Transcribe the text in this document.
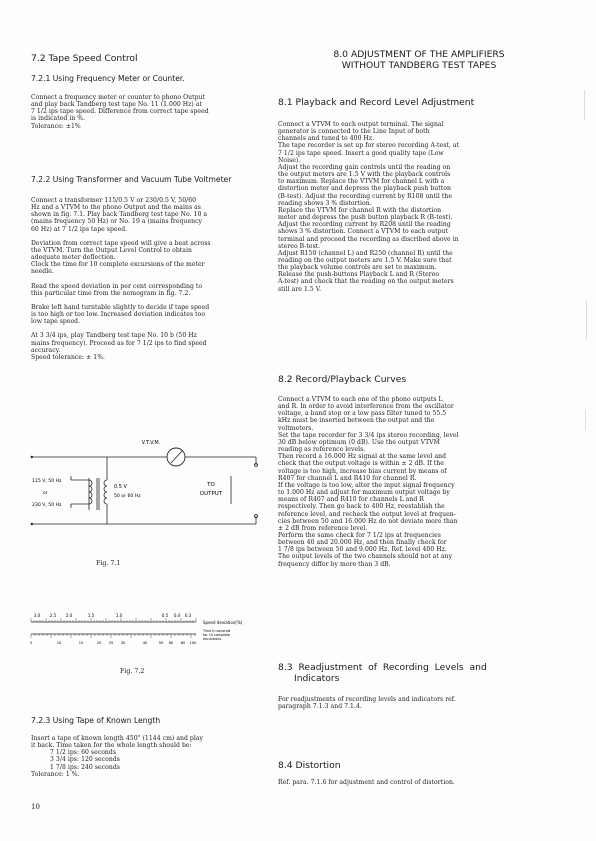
7.2 Tape Speed Control
7.2.1 Using Frequency Meter or Counter.
Connect a frequency meter or counter to phono Output
and play back Tandberg test tape No. 11 (1.000 Hz) at
7 1/2 ips tape speed. Difference from correct tape speed
is indicated in %.
Tolerance: ±1%
7.2.2 Using Transformer and Vacuum Tube Voltmeter
Connect a transformer 115/0.5 V or 230/0.5 V, 50/60
Hz and a VTVM to the phono Output and the mains as
shown in fig. 7.1. Play back Tandberg test tape No. 10 a
(mains frequency 50 Hz) or No. 19 a (mains frequency
60 Hz) at 7 1/2 ips tape speed.
Deviation from correct tape speed will give a beat across
the VTVM. Turn the Output Level Control to obtain
adequate meter deflection.
Clock the time for 10 complete excursions of the meter
needle.
Read the speed deviation in per cent corresponding to
this particular time from the nomogram in fig. 7.2.
Brake left hand turntable slightly to decide if tape speed
is too high or too low. Increased deviation indicates too
low tape speed.
At 3 3/4 ips, play Tandberg test tape No. 10 b (50 Hz
mains frequency). Proceed as for 7 1/2 ips to find speed
accuracy.
Speed tolerance: ± 1%.
V.T.V.M.
115 V, 50 Hz
or
230 V, 50 Hz
0.5 V
50 or 60 Hz
TO
OUTPUT
Fig. 7.1
3.0 2.5 2.0	1.5	1.0	0.5 0.4 0.3
5	10	15	20 25 30	40	50 60 80 100
Speed deviation[%]
Time in seconds
for 10 complete
excursions.
Fig. 7.2
7.2.3 Using Tape of Known Length
Insert a tape of known length 450" (1144 cm) and play
it back. Time taken for the whole length should be:
7 1/2 ips: 60 seconds
3 3/4 ips: 120 seconds
1 7/8 ips: 240 seconds
Tolerance: 1 %.
10
8.0 ADJUSTMENT OF THE AMPLIFIERS
WITHOUT TANDBERG TEST TAPES
8.1 Playback and Record Level Adjustment
Connect a VTVM to each output terminal. The signal
generator is connected to the Line Input of both
channels and tuned to 400 Hz.
The tape recorder is set up for stereo recording A-test, at
7 1/2 ips tape speed. Insert a good quality tape (Low
Noise).
Adjust the recording gain controls until the reading on
the output meters are 1.5 V with the playback controls
to maximum. Replace the VTVM for channel L with a
distortion meter and depress the playback push button
(B-test). Adjust the recording current by R108 until the
reading shows 3 % distortion.
Replace the VTVM for channel R with the distortion
meter and depress the push button playback R (B-test).
Adjust the recording current by R208 until the reading
shows 3 % distortion. Connect a VTVM to each output
terminal and proceed the recording as discribed above in
stereo B-test.
Adjust R150 (channel L) and R250 (channel R) until the
reading on the output meters are 1.5 V. Make sure that
the playback volume controls are set to maximum.
Release the push-buttons Playback L and R (Stereo
A-test) and check that the reading on the output meters
still are 1.5 V.
8.2 Record/Playback Curves
Connect a VTVM to each one of the phono outputs L
and R. In order to avoid interference from the oscillator
voltage, a band stop or a low pass filter tuned to 55.5
kHz must be inserted between the output and the
voltmeters.
Set the tape recorder for 3 3/4 ips stereo recording, level
30 dB below optimum (0 dB). Use the output VTVM
reading as reference levels.
Then record a 16.000 Hz signal at the same level and
check that the output voltage is within ± 2 dB. If the
voltage is too high, increase bias current by means of
R407 for channel L and R410 for channel R.
If the voltage is too low, alter the input signal frequency
to 1.000 Hz and adjust for maximum output voltage by
means of R407 and R410 for channels L and R
respectively. Then go back to 400 Hz, reestablish the
reference level, and recheck the output level at frequen-
cies between 50 and 16.000 Hz do not deviate more than
± 2 dB from reference level.
Perform the same check for 7 1/2 ips at frequencies
between 40 and 20.000 Hz, and then finally check for
1 7/8 ips between 50 and 9.000 Hz. Ref. level 400 Hz.
The output levels of the two channels should not at any
frequency differ by more than 3 dB.
8.3  Readjustment  of  Recording  Levels  and
Indicators
For readjustments of recording levels and indicators ref.
paragraph 7.1.3 and 7.1.4.
8.4 Distortion
Ref. para. 7.1.6 for adjustment and control of distortion.
